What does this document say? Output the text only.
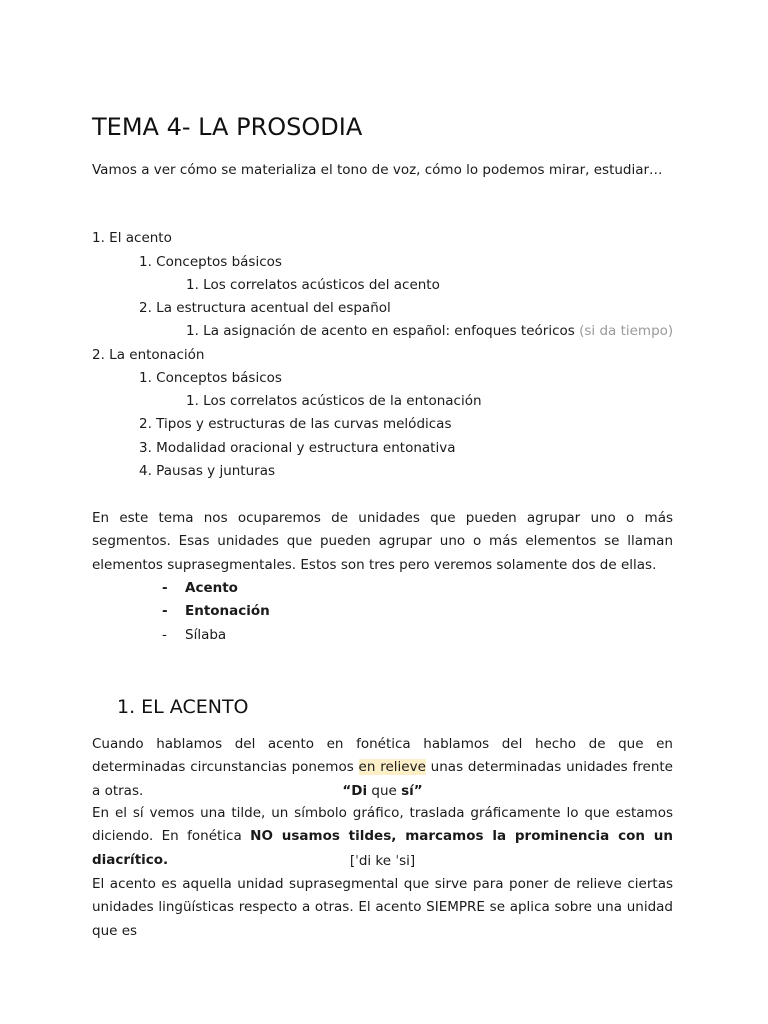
TEMA 4- LA PROSODIA
Vamos a ver cómo se materializa el tono de voz, cómo lo podemos mirar, estudiar…
1. El acento
1. Conceptos básicos
1. Los correlatos acústicos del acento
2. La estructura acentual del español
1. La asignación de acento en español: enfoques teóricos (si da tiempo)
2. La entonación
1. Conceptos básicos
1. Los correlatos acústicos de la entonación
2. Tipos y estructuras de las curvas melódicas
3. Modalidad oracional y estructura entonativa
4. Pausas y junturas
En este tema nos ocuparemos de unidades que pueden agrupar uno o más segmentos. Esas unidades que pueden agrupar uno o más elementos se llaman elementos suprasegmentales. Estos son tres pero veremos solamente dos de ellas.
- Acento
- Entonación
- Sílaba
1. EL ACENTO
Cuando hablamos del acento en fonética hablamos del hecho de que en determinadas circunstancias ponemos en relieve unas determinadas unidades frente a otras.	“Di que sí”
En el sí vemos una tilde, un símbolo gráfico, traslada gráficamente lo que estamos diciendo. En fonética NO usamos tildes, marcamos la prominencia con un diacrítico.	[ˈdi ke ˈsi]
El acento es aquella unidad suprasegmental que sirve para poner de relieve ciertas unidades lingüísticas respecto a otras. El acento SIEMPRE se aplica sobre una unidad que es
